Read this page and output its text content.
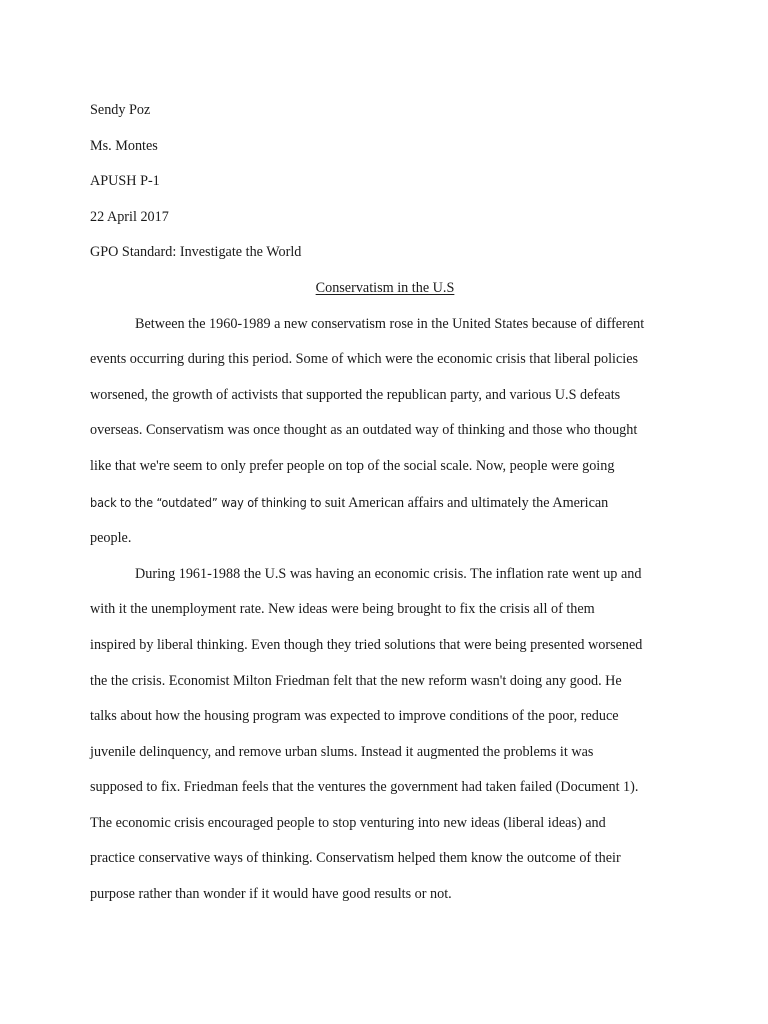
Sendy Poz

Ms. Montes

APUSH P-1

22 April 2017

GPO Standard: Investigate the World

Conservatism in the U.S

Between the 1960-1989 a new conservatism rose in the United States because of different
events occurring during this period. Some of which were the economic crisis that liberal policies
worsened, the growth of activists that supported the republican party, and various U.S defeats
overseas. Conservatism was once thought as an outdated way of thinking and those who thought
like that we're seem to only prefer people on top of the social scale. Now, people were going
back to the “outdated” way of thinking to suit American affairs and ultimately the American
people.
During 1961-1988 the U.S was having an economic crisis. The inflation rate went up and
with it the unemployment rate. New ideas were being brought to fix the crisis all of them
inspired by liberal thinking. Even though they tried solutions that were being presented worsened
the the crisis. Economist Milton Friedman felt that the new reform wasn't doing any good. He
talks about how the housing program was expected to improve conditions of the poor, reduce
juvenile delinquency, and remove urban slums. Instead it augmented the problems it was
supposed to fix. Friedman feels that the ventures the government had taken failed (Document 1).
The economic crisis encouraged people to stop venturing into new ideas (liberal ideas) and
practice conservative ways of thinking. Conservatism helped them know the outcome of their
purpose rather than wonder if it would have good results or not.
